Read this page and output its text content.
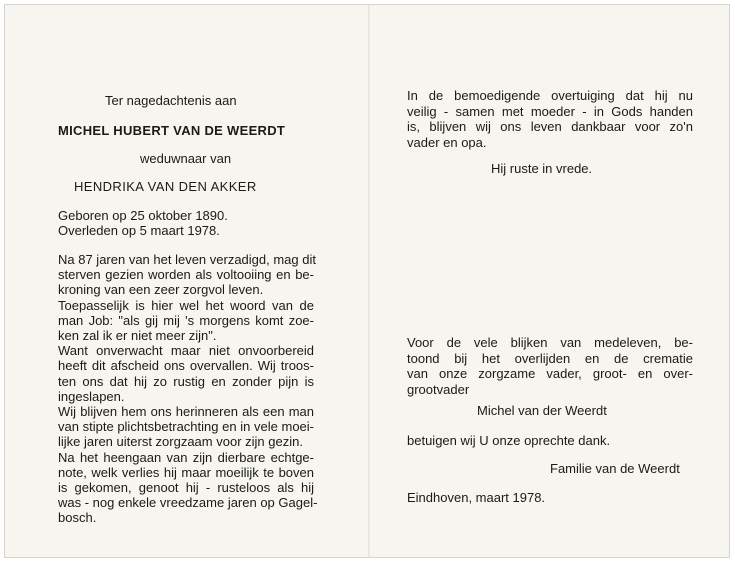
Ter nagedachtenis aan
MICHEL HUBERT VAN DE WEERDT
weduwnaar van
HENDRIKA VAN DEN AKKER
Geboren op 25 oktober 1890.
Overleden op 5 maart 1978.

Na 87 jaren van het leven verzadigd, mag dit

sterven gezien worden als voltooiing en be-

kroning van een zeer zorgvol leven.

Toepasselijk is hier wel het woord van de

man Job: "als gij mij 's morgens komt zoe-

ken zal ik er niet meer zijn".

Want onverwacht maar niet onvoorbereid

heeft dit afscheid ons overvallen. Wij troos-

ten ons dat hij zo rustig en zonder pijn is

ingeslapen.

Wij blijven hem ons herinneren als een man

van stipte plichtsbetrachting en in vele moei-

lijke jaren uiterst zorgzaam voor zijn gezin.

Na het heengaan van zijn dierbare echtge-

note, welk verlies hij maar moeilijk te boven

is gekomen, genoot hij - rusteloos als hij

was - nog enkele vreedzame jaren op Gagel-

bosch.

In de bemoedigende overtuiging dat hij nu

veilig - samen met moeder - in Gods handen

is, blijven wij ons leven dankbaar voor zo'n

vader en opa.

Hij ruste in vrede.

Voor de vele blijken van medeleven, be-

toond bij het overlijden en de crematie

van onze zorgzame vader, groot- en over-

grootvader

Michel van der Weerdt
betuigen wij U onze oprechte dank.
Familie van de Weerdt
Eindhoven, maart 1978.
